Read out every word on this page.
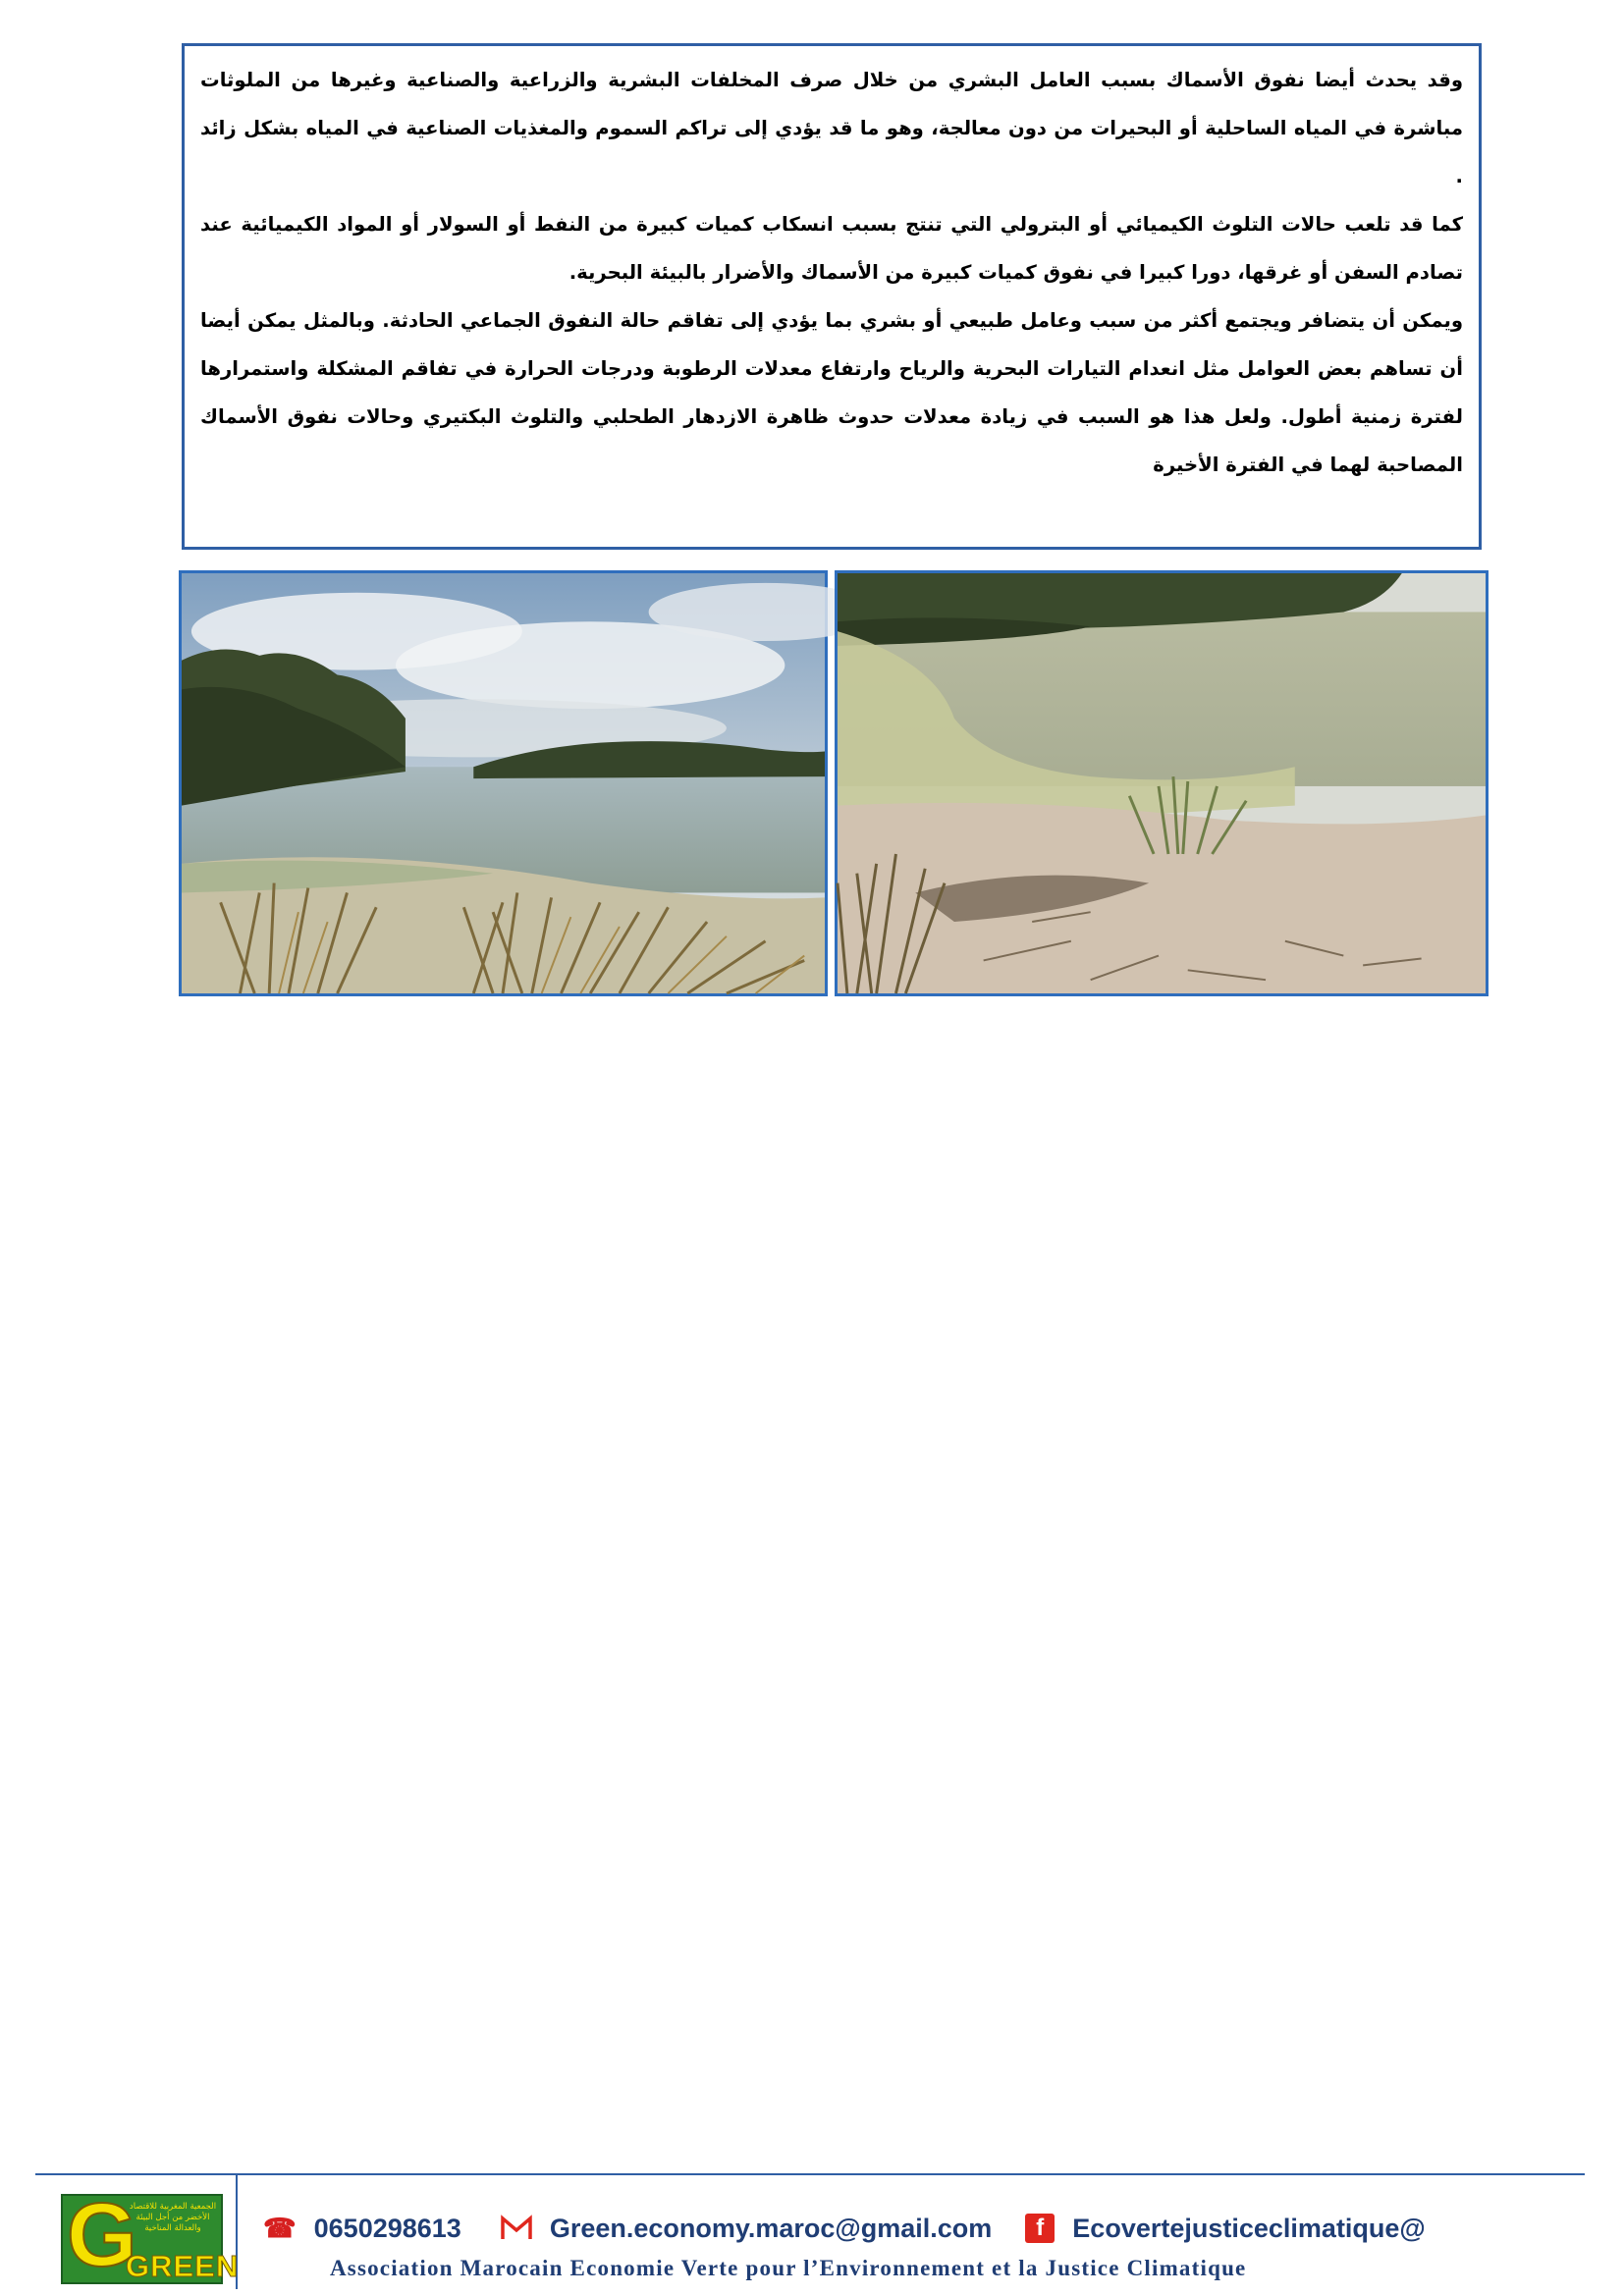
وقد يحدث أيضا نفوق الأسماك بسبب العامل البشري من خلال صرف المخلفات البشرية والزراعية والصناعية وغيرها من الملوثات مباشرة في المياه الساحلية أو البحيرات من دون معالجة، وهو ما قد يؤدي إلى تراكم السموم والمغذيات الصناعية في المياه بشكل زائد .

كما قد تلعب حالات التلوث الكيميائي أو البترولي التي تنتج بسبب انسكاب كميات كبيرة من النفط أو السولار أو المواد الكيميائية عند تصادم السفن أو غرقها، دورا كبيرا في نفوق كميات كبيرة من الأسماك والأضرار بالبيئة البحرية.

ويمكن أن يتضافر ويجتمع أكثر من سبب وعامل طبيعي أو بشري بما يؤدي إلى تفاقم حالة النفوق الجماعي الحادثة. وبالمثل يمكن أيضا أن تساهم بعض العوامل مثل انعدام التيارات البحرية والرياح وارتفاع معدلات الرطوبة ودرجات الحرارة في تفاقم المشكلة واستمرارها لفترة زمنية أطول. ولعل هذا هو السبب في زيادة معدلات حدوث ظاهرة الازدهار الطحلبي والتلوث البكتيري وحالات نفوق الأسماك المصاحبة لهما في الفترة الأخيرة

G
الجمعية المغربية للاقتصاد الأخضر من أجل البيئة والعدالة المناخية
GREEN
☎ 0650298613	Green.economy.maroc@gmail.com	f	Ecovertejusticeclimatique@
Association Marocain Economie Verte pour l’Environnement et la Justice Climatique
